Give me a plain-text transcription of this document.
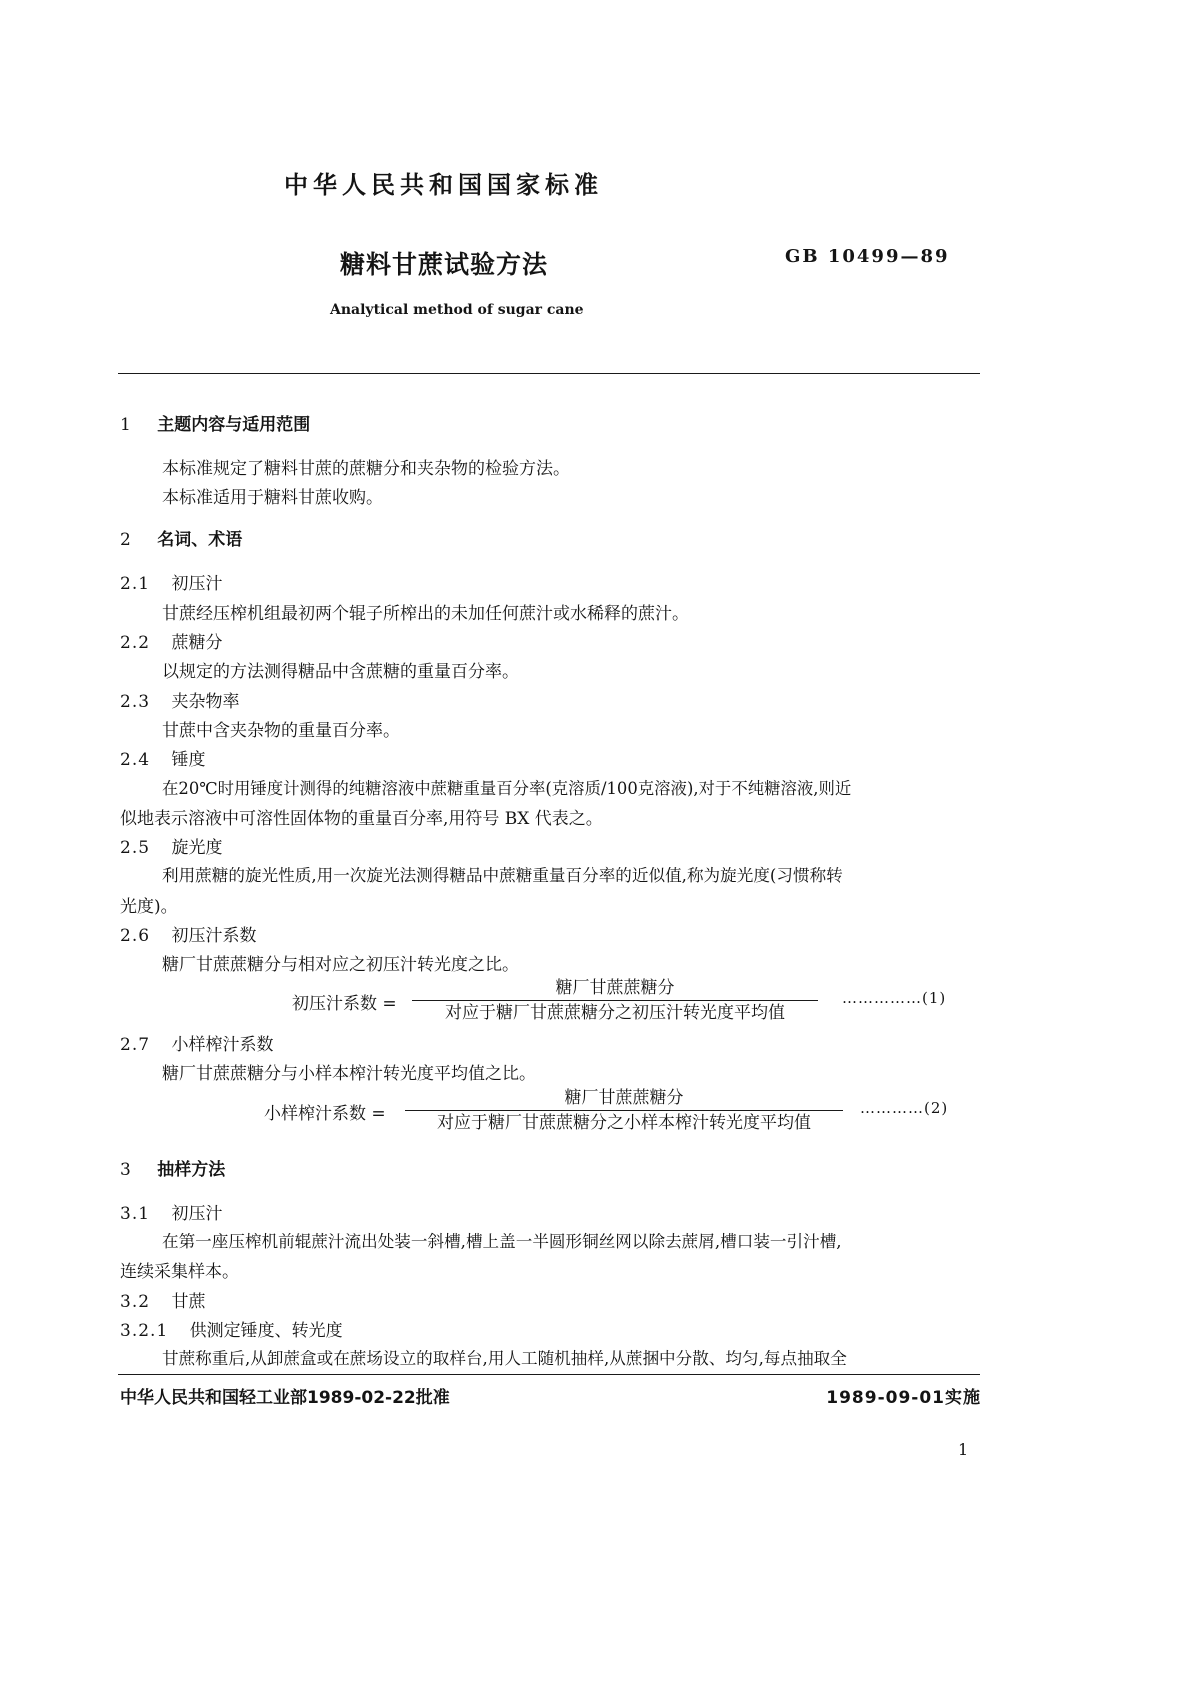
中华人民共和国国家标准
糖料甘蔗试验方法	GB 10499—89
Analytical method of sugar cane
1 主题内容与适用范围
本标准规定了糖料甘蔗的蔗糖分和夹杂物的检验方法。
本标准适用于糖料甘蔗收购。
2 名词、术语
2.1 初压汁
甘蔗经压榨机组最初两个辊子所榨出的未加任何蔗汁或水稀释的蔗汁。
2.2 蔗糖分
以规定的方法测得糖品中含蔗糖的重量百分率。
2.3 夹杂物率
甘蔗中含夹杂物的重量百分率。
2.4 锤度
在20℃时用锤度计测得的纯糖溶液中蔗糖重量百分率(克溶质/100克溶液),对于不纯糖溶液,则近
似地表示溶液中可溶性固体物的重量百分率,用符号 BX 代表之。
2.5 旋光度
利用蔗糖的旋光性质,用一次旋光法测得糖品中蔗糖重量百分率的近似值,称为旋光度(习惯称转
光度)。
2.6 初压汁系数
糖厂甘蔗蔗糖分与相对应之初压汁转光度之比。
初压汁系数 =
糖厂甘蔗蔗糖分
对应于糖厂甘蔗蔗糖分之初压汁转光度平均值
……………(1)
2.7 小样榨汁系数
糖厂甘蔗蔗糖分与小样本榨汁转光度平均值之比。
小样榨汁系数 =
糖厂甘蔗蔗糖分
对应于糖厂甘蔗蔗糖分之小样本榨汁转光度平均值
…………(2)
3 抽样方法
3.1 初压汁
在第一座压榨机前辊蔗汁流出处装一斜槽,槽上盖一半圆形铜丝网以除去蔗屑,槽口装一引汁槽,
连续采集样本。
3.2 甘蔗
3.2.1 供测定锤度、转光度
甘蔗称重后,从卸蔗盒或在蔗场设立的取样台,用人工随机抽样,从蔗捆中分散、均匀,每点抽取全
中华人民共和国轻工业部1989-02-22批准	1989-09-01实施
1
